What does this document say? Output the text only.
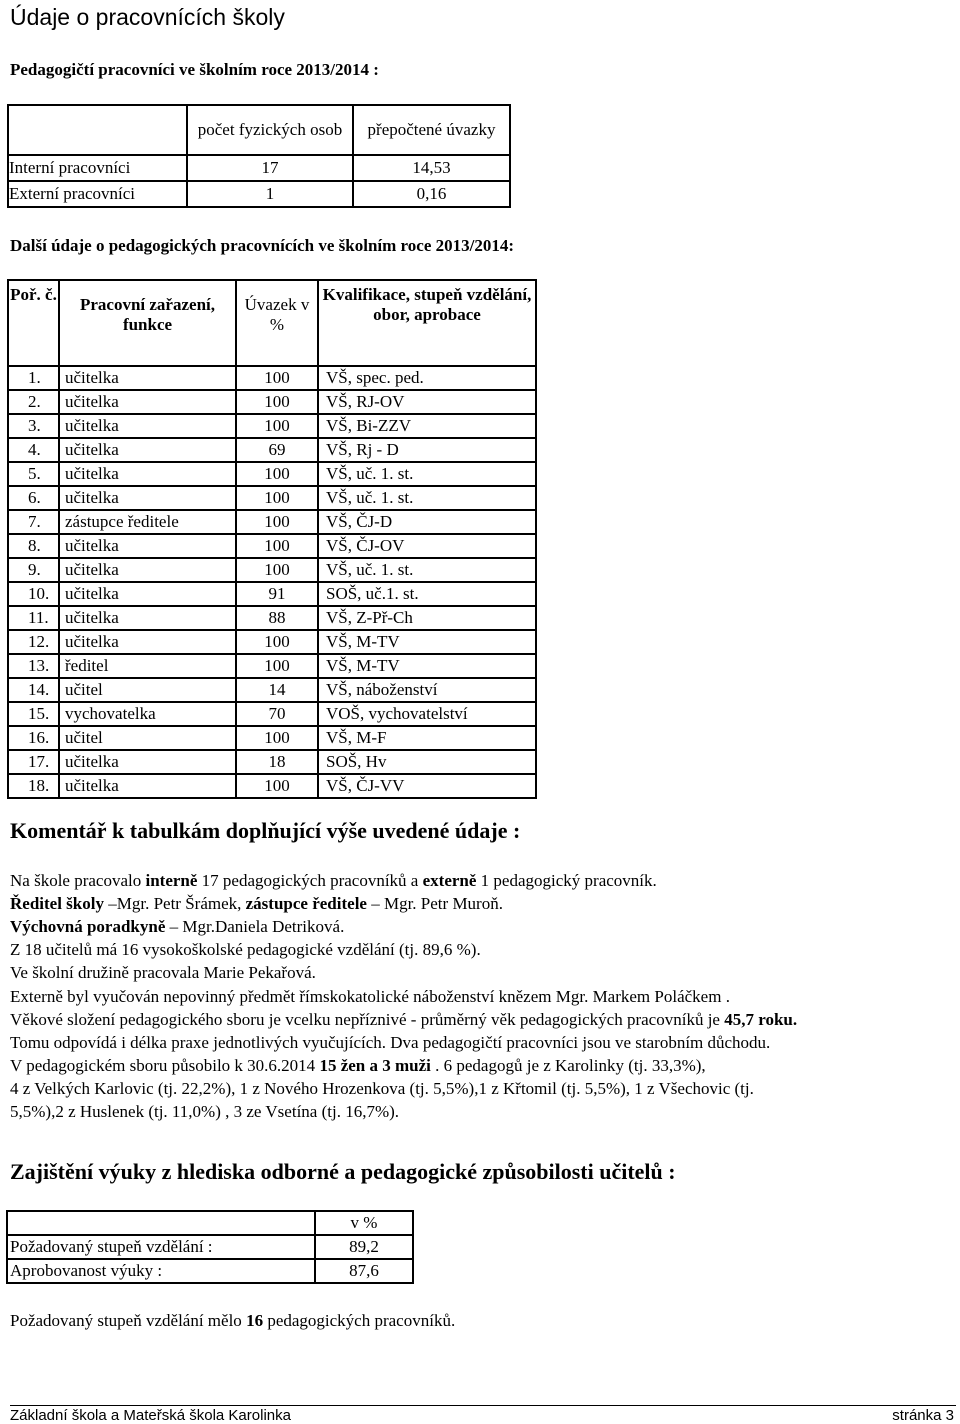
Údaje o pracovnících školy
Pedagogičtí pracovníci ve školním roce 2013/2014 :
	počet fyzických osob	přepočtené úvazky
Interní pracovníci	17	14,53
Externí pracovníci	1	0,16
Další údaje o pedagogických pracovnících ve školním roce 2013/2014:
Poř. č.	Pracovní zařazení, funkce	Úvazek v %	Kvalifikace, stupeň vzdělání, obor, aprobace
1.	učitelka	100	VŠ, spec. ped.
2.	učitelka	100	VŠ, RJ-OV
3.	učitelka	100	VŠ, Bi-ZZV
4.	učitelka	69	VŠ, Rj - D
5.	učitelka	100	VŠ, uč. 1. st.
6.	učitelka	100	VŠ, uč. 1. st.
7.	zástupce ředitele	100	VŠ, ČJ-D
8.	učitelka	100	VŠ, ČJ-OV
9.	učitelka	100	VŠ, uč. 1. st.
10.	učitelka	91	SOŠ, uč.1. st.
11.	učitelka	88	VŠ, Z-Př-Ch
12.	učitelka	100	VŠ, M-TV
13.	ředitel	100	VŠ, M-TV
14.	učitel	14	VŠ, náboženství
15.	vychovatelka	70	VOŠ, vychovatelství
16.	učitel	100	VŠ, M-F
17.	učitelka	18	SOŠ, Hv
18.	učitelka	100	VŠ, ČJ-VV
Komentář k tabulkám doplňující výše uvedené údaje :
Na škole pracovalo interně 17 pedagogických pracovníků a externě 1 pedagogický pracovník.
Ředitel školy –Mgr. Petr Šrámek, zástupce ředitele – Mgr. Petr Muroň.
Výchovná poradkyně – Mgr.Daniela Detriková.
Z 18 učitelů má 16 vysokoškolské pedagogické vzdělání (tj. 89,6 %).
Ve školní družině pracovala Marie Pekařová.
Externě byl vyučován nepovinný předmět římskokatolické náboženství knězem Mgr. Markem Poláčkem .
Věkové složení pedagogického sboru je vcelku nepříznivé - průměrný věk pedagogických pracovníků je 45,7 roku.
Tomu odpovídá i délka praxe jednotlivých vyučujících. Dva pedagogičtí pracovníci jsou ve starobním důchodu.
V pedagogickém sboru působilo k 30.6.2014 15 žen a 3 muži . 6 pedagogů je z Karolinky (tj. 33,3%),
4 z Velkých Karlovic (tj. 22,2%), 1 z Nového Hrozenkova (tj. 5,5%),1 z Křtomil (tj. 5,5%), 1 z Všechovic (tj.
5,5%),2 z Huslenek (tj. 11,0%) , 3 ze Vsetína (tj. 16,7%).
Zajištění výuky z hlediska odborné a pedagogické způsobilosti učitelů :
	v %
Požadovaný stupeň vzdělání :	89,2
Aprobovanost výuky :	87,6
Požadovaný stupeň vzdělání mělo 16 pedagogických pracovníků.
Základní škola a Mateřská škola Karolinka	stránka 3
